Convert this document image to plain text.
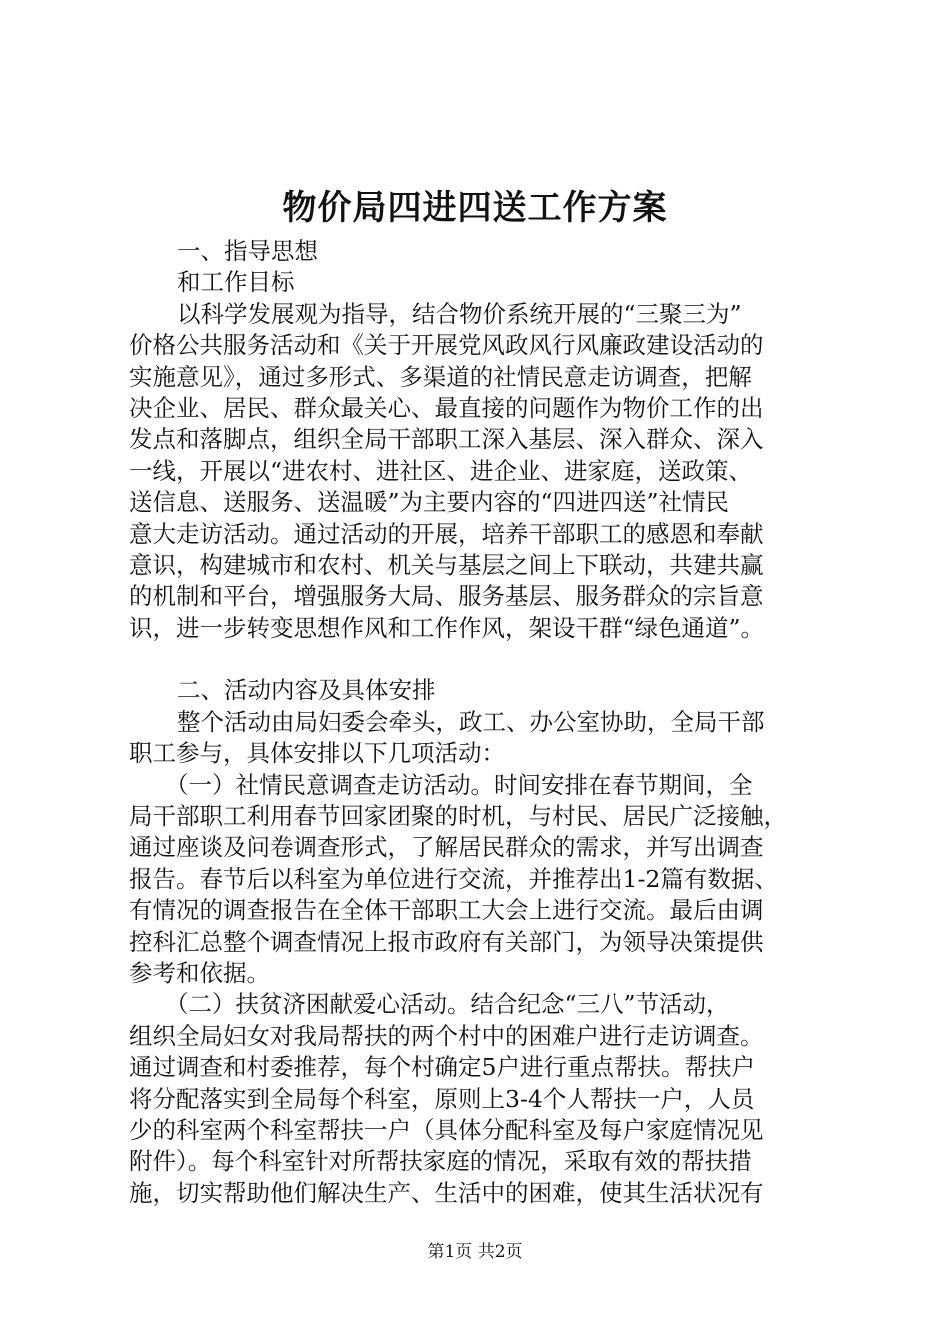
物价局四进四送工作方案
一、指导思想
和工作目标
以科学发展观为指导，结合物价系统开展的“三聚三为”
价格公共服务活动和《关于开展党风政风行风廉政建设活动的
实施意见》，通过多形式、多渠道的社情民意走访调查，把解
决企业、居民、群众最关心、最直接的问题作为物价工作的出
发点和落脚点，组织全局干部职工深入基层、深入群众、深入
一线，开展以“进农村、进社区、进企业、进家庭，送政策、
送信息、送服务、送温暖”为主要内容的“四进四送”社情民
意大走访活动。通过活动的开展，培养干部职工的感恩和奉献
意识，构建城市和农村、机关与基层之间上下联动，共建共赢
的机制和平台，增强服务大局、服务基层、服务群众的宗旨意
识，进一步转变思想作风和工作作风，架设干群“绿色通道”。
二、活动内容及具体安排
整个活动由局妇委会牵头，政工、办公室协助，全局干部
职工参与，具体安排以下几项活动：
（一）社情民意调查走访活动。时间安排在春节期间，全
局干部职工利用春节回家团聚的时机，与村民、居民广泛接触，
通过座谈及问卷调查形式，了解居民群众的需求，并写出调查
报告。春节后以科室为单位进行交流，并推荐出1-2篇有数据、
有情况的调查报告在全体干部职工大会上进行交流。最后由调
控科汇总整个调查情况上报市政府有关部门，为领导决策提供
参考和依据。
（二）扶贫济困献爱心活动。结合纪念“三八”节活动，
组织全局妇女对我局帮扶的两个村中的困难户进行走访调查。
通过调查和村委推荐，每个村确定5户进行重点帮扶。帮扶户
将分配落实到全局每个科室，原则上3-4个人帮扶一户，人员
少的科室两个科室帮扶一户（具体分配科室及每户家庭情况见
附件）。每个科室针对所帮扶家庭的情况，采取有效的帮扶措
施，切实帮助他们解决生产、生活中的困难，使其生活状况有
第1页 共2页
